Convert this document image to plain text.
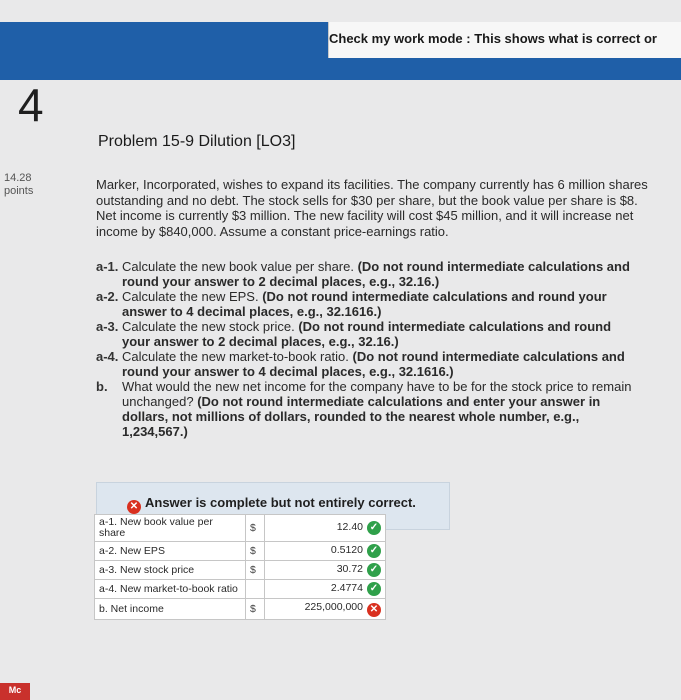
Check my work mode : This shows what is correct or
4
Problem 15-9 Dilution [LO3]
14.28
points	Marker, Incorporated, wishes to expand its facilities. The company currently has 6 million shares outstanding and no debt. The stock sells for $30 per share, but the book value per share is $8. Net income is currently $3 million. The new facility will cost $45 million, and it will increase net income by $840,000. Assume a constant price-earnings ratio.
a-1. Calculate the new book value per share. (Do not round intermediate calculations and round your answer to 2 decimal places, e.g., 32.16.)
a-2. Calculate the new EPS. (Do not round intermediate calculations and round your answer to 4 decimal places, e.g., 32.1616.)
a-3. Calculate the new stock price. (Do not round intermediate calculations and round your answer to 2 decimal places, e.g., 32.16.)
a-4. Calculate the new market-to-book ratio. (Do not round intermediate calculations and round your answer to 4 decimal places, e.g., 32.1616.)
b.	What would the new net income for the company have to be for the stock price to remain unchanged? (Do not round intermediate calculations and enter your answer in dollars, not millions of dollars, rounded to the nearest whole number, e.g., 1,234,567.)
✕ Answer is complete but not entirely correct.
a-1. New book value per share	$	12.40 ✓
a-2. New EPS	$	0.5120 ✓
a-3. New stock price	$	30.72 ✓
a-4. New market-to-book ratio		2.4774 ✓
b. Net income	$	225,000,000 ✕
Mc
